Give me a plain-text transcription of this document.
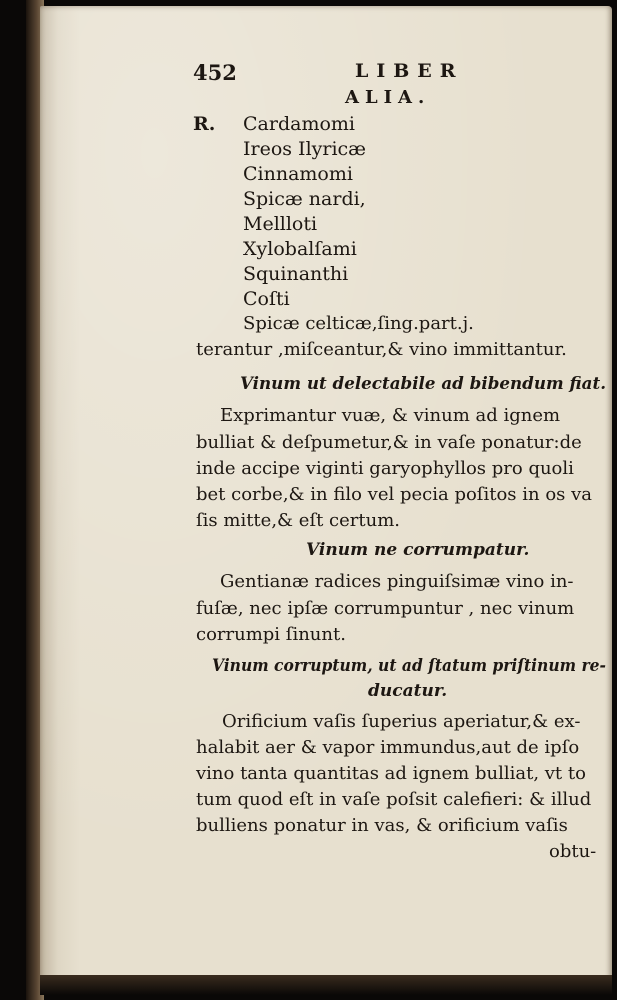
452	LIBER
ALIA.
R. Cardamomi
Ireos Ilyricæ
Cinnamomi
Spicæ nardi,
Mellloti
Xylobalſami
Squinanthi
Coſti
Spicæ celticæ,ſing.part.j.
terantur ,miſceantur,& vino immittantur.
Vinum ut delectabile ad bibendum fiat.
Exprimantur vuæ, & vinum ad ignem
bulliat & deſpumetur,& in vaſe ponatur:de
inde accipe viginti garyophyllos pro quoli
bet corbe,& in filo vel pecia poſitos in os va
ſis mitte,& eſt certum.
Vinum ne corrumpatur.
Gentianæ radices pinguiſsimæ vino in-
fuſæ, nec ipſæ corrumpuntur , nec vinum
corrumpi ſinunt.
Vinum corruptum, ut ad ſtatum priſtinum re-
ducatur.
Orificium vaſis ſuperius aperiatur,& ex-
halabit aer & vapor immundus,aut de ipſo
vino tanta quantitas ad ignem bulliat, vt to
tum quod eſt in vaſe poſsit calefieri: & illud
bulliens ponatur in vas, & orificium vaſis
obtu-
